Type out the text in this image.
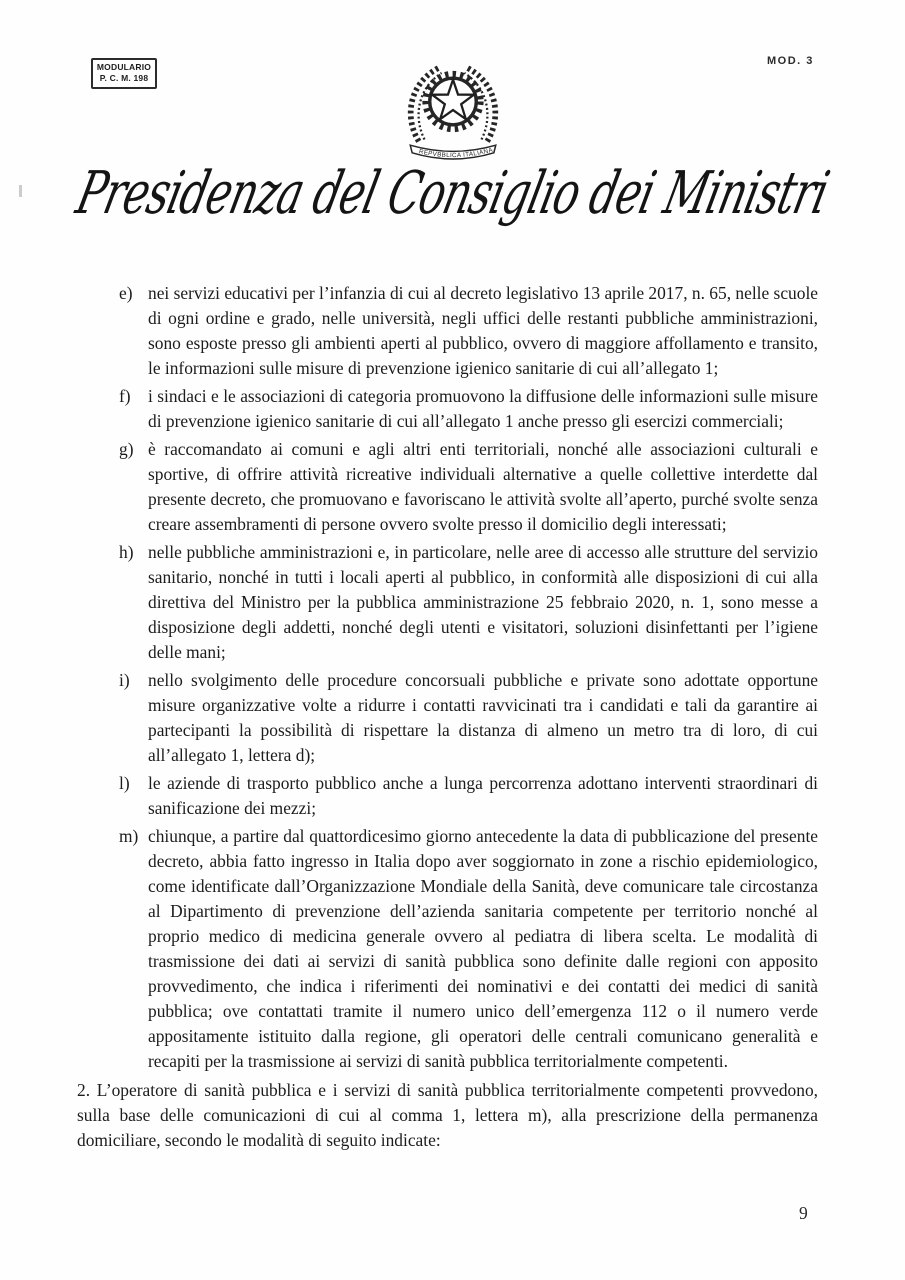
MODULARIO
P. C. M. 198
MOD. 3
REPVBBLICA ITALIANA
Presidenza del Consiglio dei Ministri
e) nei servizi educativi per l’infanzia di cui al decreto legislativo 13 aprile 2017, n. 65, nelle scuole di ogni ordine e grado, nelle università, negli uffici delle restanti pubbliche amministrazioni, sono esposte presso gli ambienti aperti al pubblico, ovvero di maggiore affollamento e transito, le informazioni sulle misure di prevenzione igienico sanitarie di cui all’allegato 1;
f)	i sindaci e le associazioni di categoria promuovono la diffusione delle informazioni sulle misure di prevenzione igienico sanitarie di cui all’allegato 1 anche presso gli esercizi commerciali;
g) è raccomandato ai comuni e agli altri enti territoriali, nonché alle associazioni culturali e sportive, di offrire attività ricreative individuali alternative a quelle collettive interdette dal presente decreto, che promuovano e favoriscano le attività svolte all’aperto, purché svolte senza creare assembramenti di persone ovvero svolte presso il domicilio degli interessati;
h) nelle pubbliche amministrazioni e, in particolare, nelle aree di accesso alle strutture del servizio sanitario, nonché in tutti i locali aperti al pubblico, in conformità alle disposizioni di cui alla direttiva del Ministro per la pubblica amministrazione 25 febbraio 2020, n. 1, sono messe a disposizione degli addetti, nonché degli utenti e visitatori, soluzioni disinfettanti per l’igiene delle mani;
i)	nello svolgimento delle procedure concorsuali pubbliche e private sono adottate opportune misure organizzative volte a ridurre i contatti ravvicinati tra i candidati e tali da garantire ai partecipanti la possibilità di rispettare la distanza di almeno un metro tra di loro, di cui all’allegato 1, lettera d);
l)	le aziende di trasporto pubblico anche a lunga percorrenza adottano interventi straordinari di sanificazione dei mezzi;
m) chiunque, a partire dal quattordicesimo giorno antecedente la data di pubblicazione del presente decreto, abbia fatto ingresso in Italia dopo aver soggiornato in zone a rischio epidemiologico, come identificate dall’Organizzazione Mondiale della Sanità, deve comunicare tale circostanza al Dipartimento di prevenzione dell’azienda sanitaria competente per territorio nonché al proprio medico di medicina generale ovvero al pediatra di libera scelta. Le modalità di trasmissione dei dati ai servizi di sanità pubblica sono definite dalle regioni con apposito provvedimento, che indica i riferimenti dei nominativi e dei contatti dei medici di sanità pubblica; ove contattati tramite il numero unico dell’emergenza 112 o il numero verde appositamente istituito dalla regione, gli operatori delle centrali comunicano generalità e recapiti per la trasmissione ai servizi di sanità pubblica territorialmente competenti.

2. L’operatore di sanità pubblica e i servizi di sanità pubblica territorialmente competenti provvedono, sulla base delle comunicazioni di cui al comma 1, lettera m), alla prescrizione della permanenza domiciliare, secondo le modalità di seguito indicate:

9
